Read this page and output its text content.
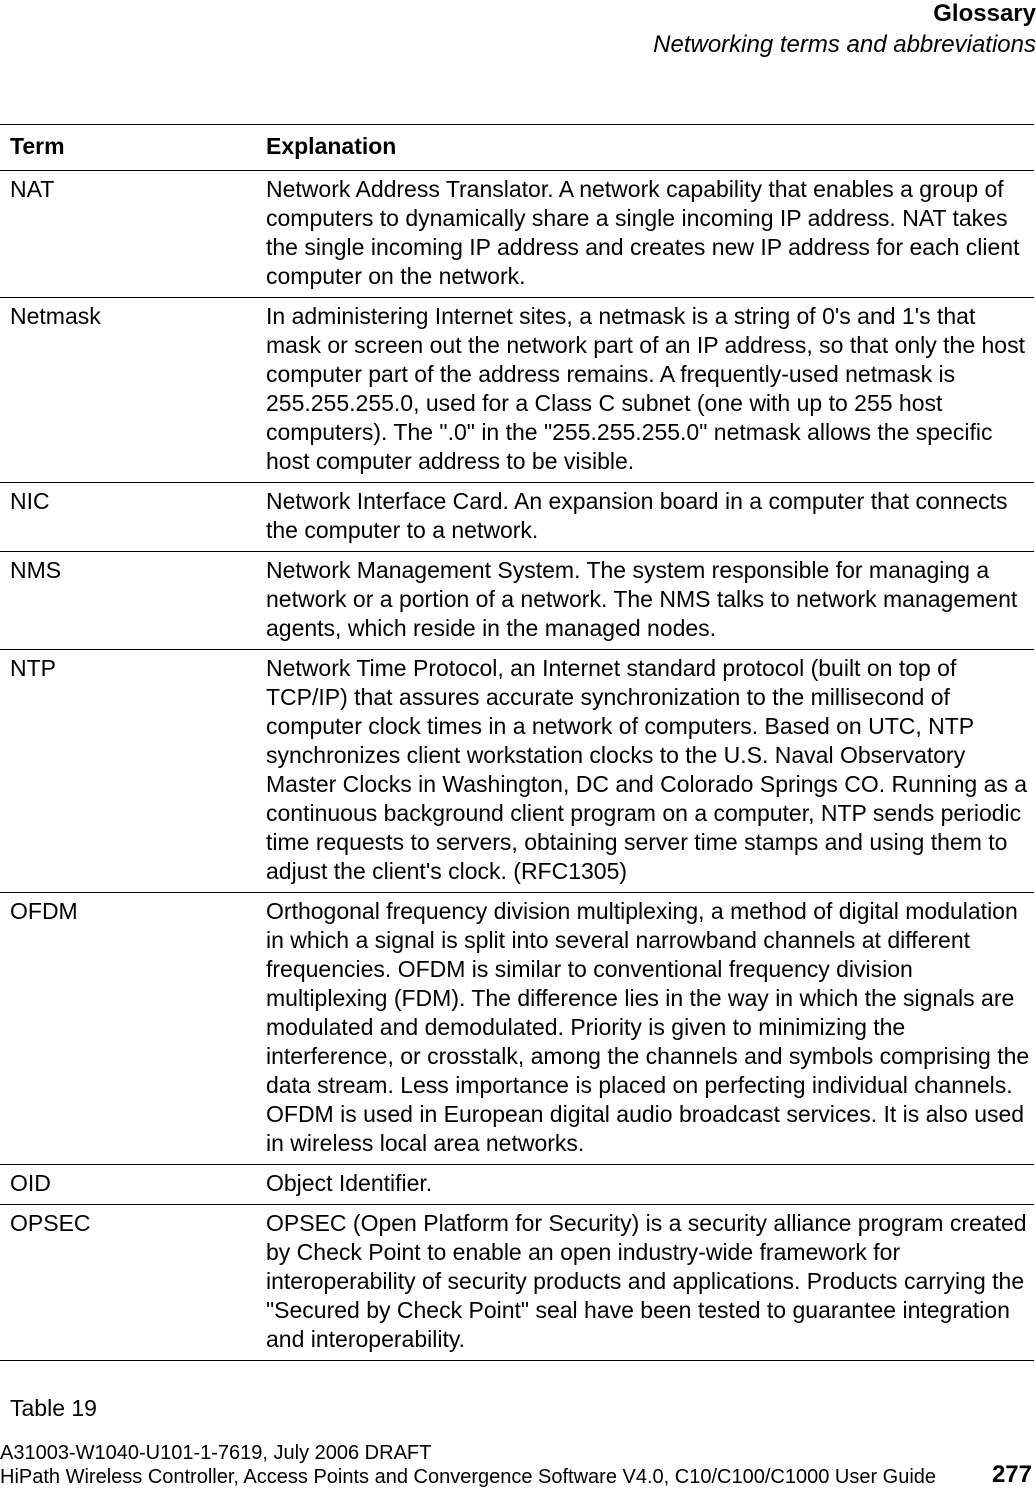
Glossary
Networking terms and abbreviations
Term	Explanation
NAT	Network Address Translator. A network capability that enables a group of computers to dynamically share a single incoming IP address. NAT takes the single incoming IP address and creates new IP address for each client computer on the network.
Netmask	In administering Internet sites, a netmask is a string of 0's and 1's that mask or screen out the network part of an IP address, so that only the host computer part of the address remains. A frequently-used netmask is 255.255.255.0, used for a Class C subnet (one with up to 255 host computers). The ".0" in the "255.255.255.0" netmask allows the specific host computer address to be visible.
NIC	Network Interface Card. An expansion board in a computer that connects the computer to a network.
NMS	Network Management System. The system responsible for managing a network or a portion of a network. The NMS talks to network management agents, which reside in the managed nodes.
NTP	Network Time Protocol, an Internet standard protocol (built on top of TCP/IP) that assures accurate synchronization to the millisecond of computer clock times in a network of computers. Based on UTC, NTP synchronizes client workstation clocks to the U.S. Naval Observatory Master Clocks in Washington, DC and Colorado Springs CO. Running as a continuous background client program on a computer, NTP sends periodic time requests to servers, obtaining server time stamps and using them to adjust the client's clock. (RFC1305)
OFDM	Orthogonal frequency division multiplexing, a method of digital modulation in which a signal is split into several narrowband channels at different frequencies. OFDM is similar to conventional frequency division multiplexing (FDM). The difference lies in the way in which the signals are modulated and demodulated. Priority is given to minimizing the interference, or crosstalk, among the channels and symbols comprising the data stream. Less importance is placed on perfecting individual channels.
OFDM is used in European digital audio broadcast services. It is also used in wireless local area networks.
OID	Object Identifier.
OPSEC	OPSEC (Open Platform for Security) is a security alliance program created by Check Point to enable an open industry-wide framework for interoperability of security products and applications. Products carrying the "Secured by Check Point" seal have been tested to guarantee integration and interoperability.
Table 19
A31003-W1040-U101-1-7619, July 2006 DRAFT
HiPath Wireless Controller, Access Points and Convergence Software V4.0, C10/C100/C1000 User Guide	277
